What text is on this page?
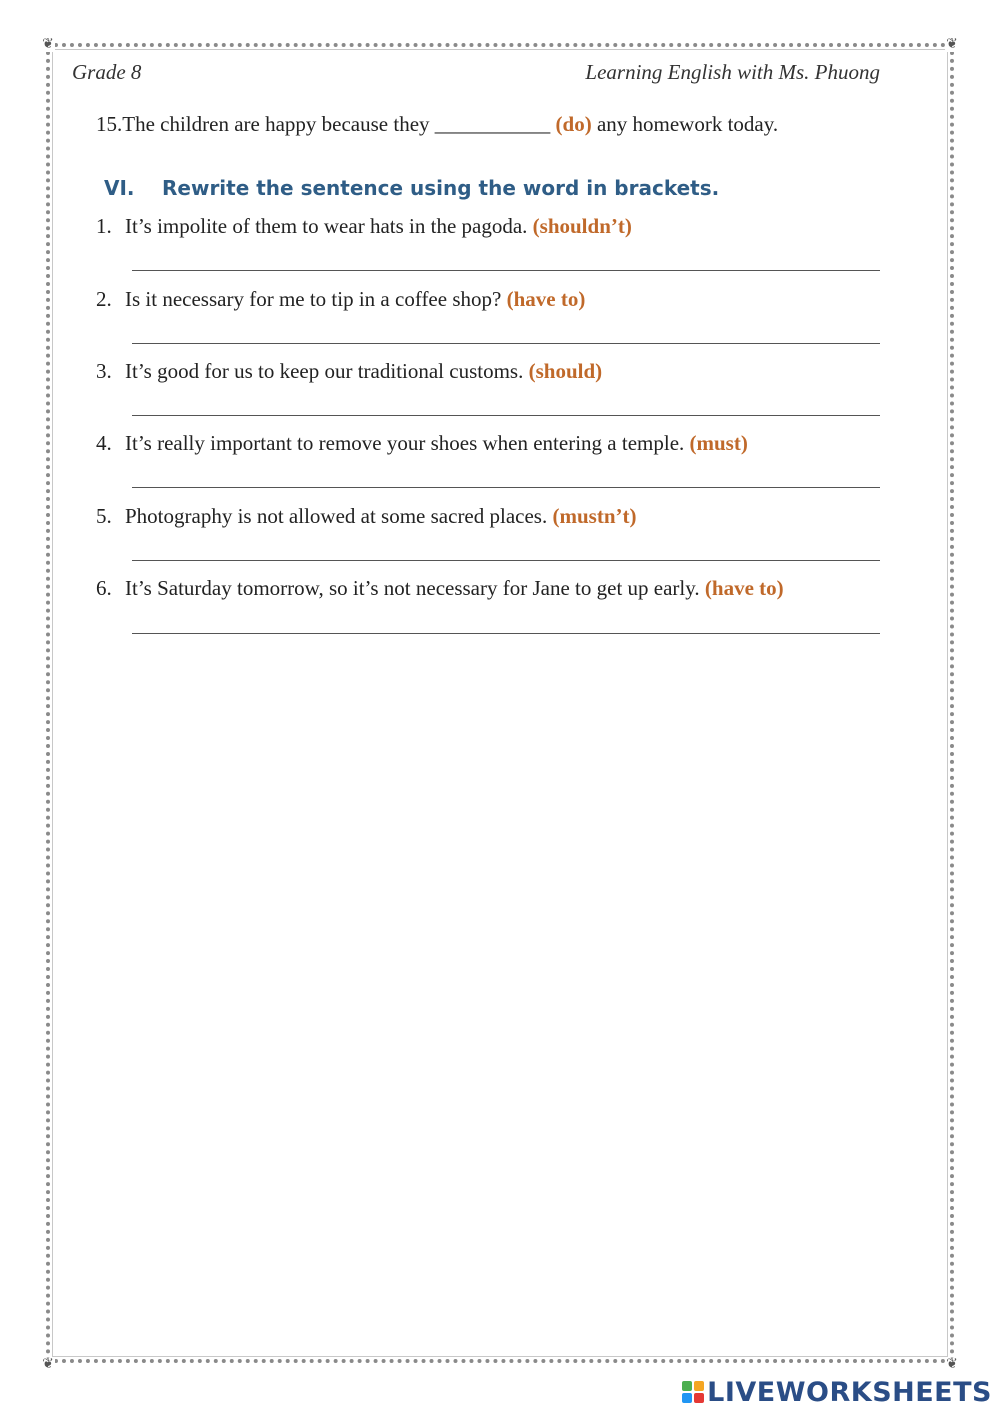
❦	❦
❦	❦
Grade 8	Learning English with Ms. Phuong
15.The children are happy because they ___________ (do) any homework today.
VI. Rewrite the sentence using the word in brackets.
1. It’s impolite of them to wear hats in the pagoda. (shouldn’t)
2. Is it necessary for me to tip in a coffee shop? (have to)
3. It’s good for us to keep our traditional customs. (should)
4. It’s really important to remove your shoes when entering a temple. (must)
5. Photography is not allowed at some sacred places. (mustn’t)
6. It’s Saturday tomorrow, so it’s not necessary for Jane to get up early. (have to)
LIVEWORKSHEETS
